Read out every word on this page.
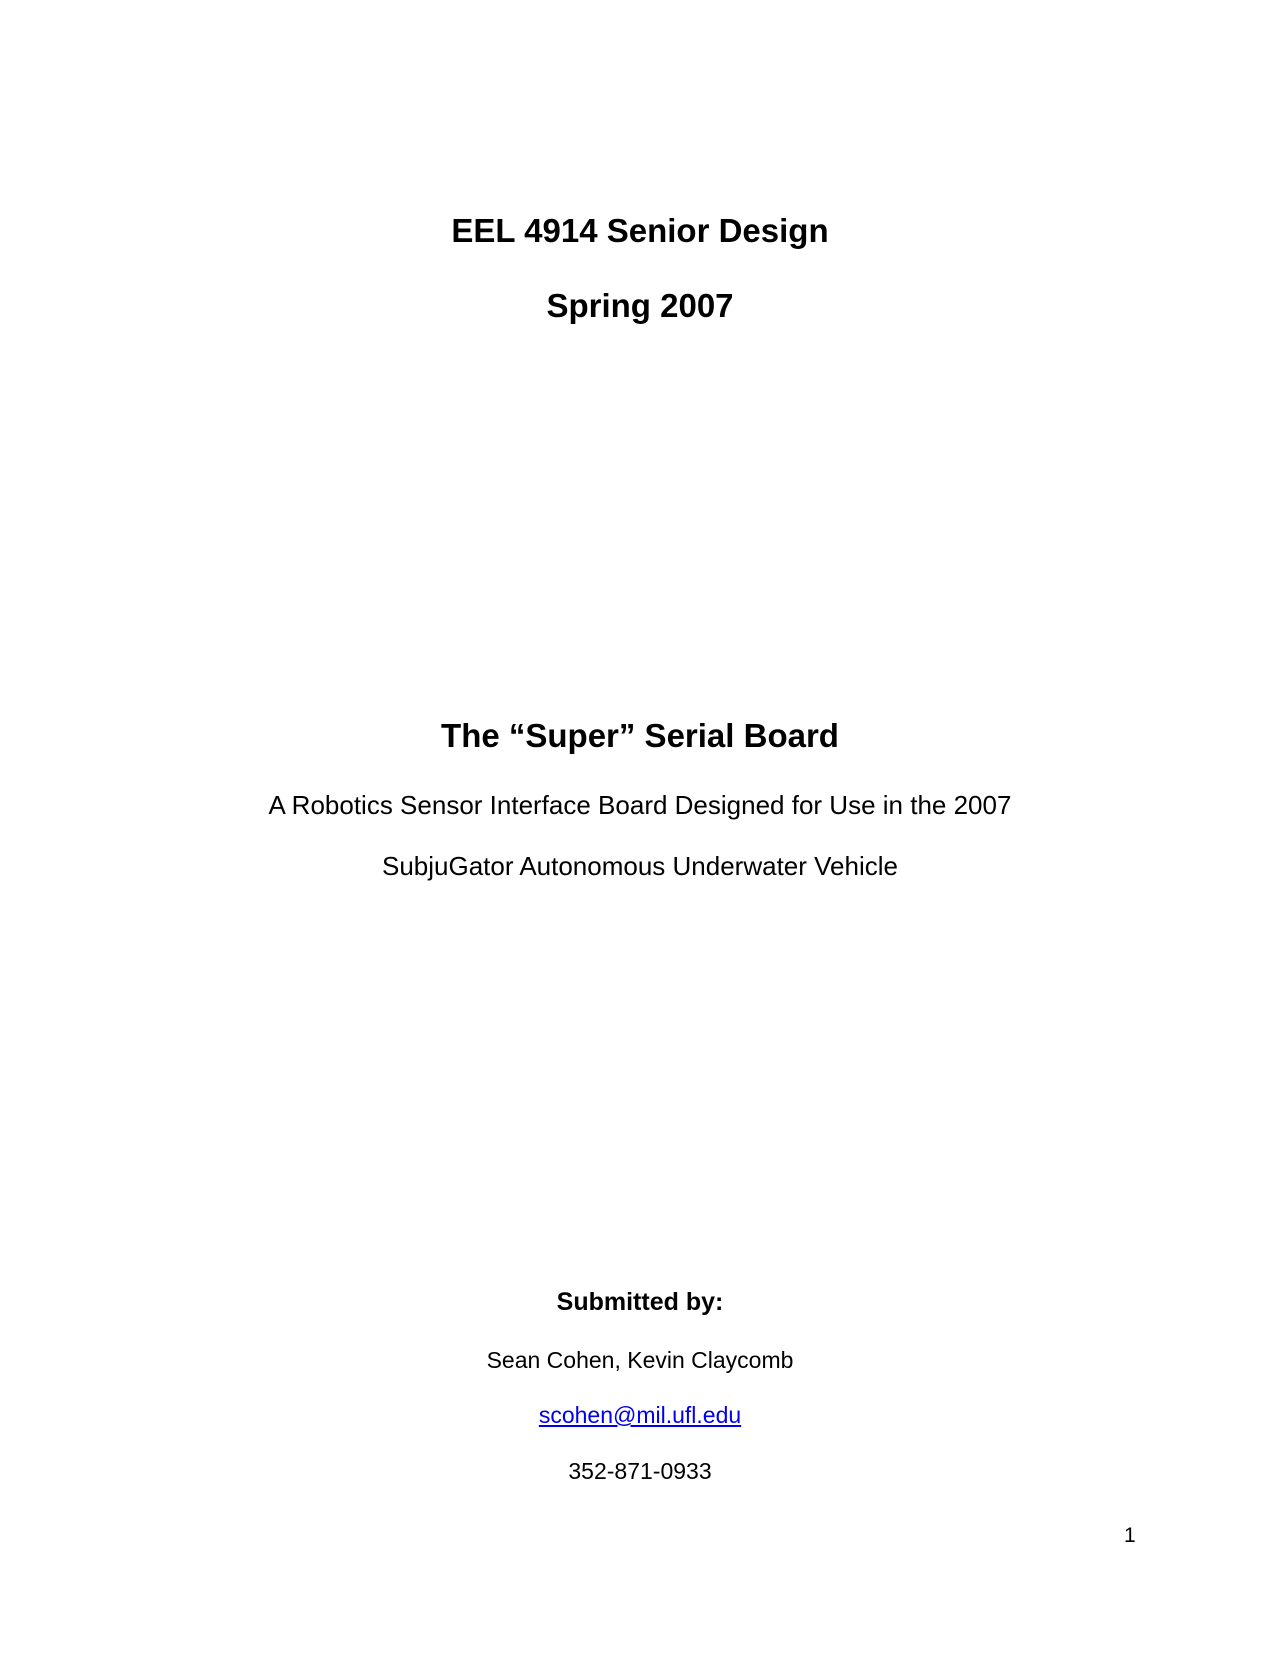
EEL 4914 Senior Design
Spring 2007
The “Super” Serial Board
A Robotics Sensor Interface Board Designed for Use in the 2007
SubjuGator Autonomous Underwater Vehicle
Submitted by:
Sean Cohen, Kevin Claycomb
scohen@mil.ufl.edu
352-871-0933
1
